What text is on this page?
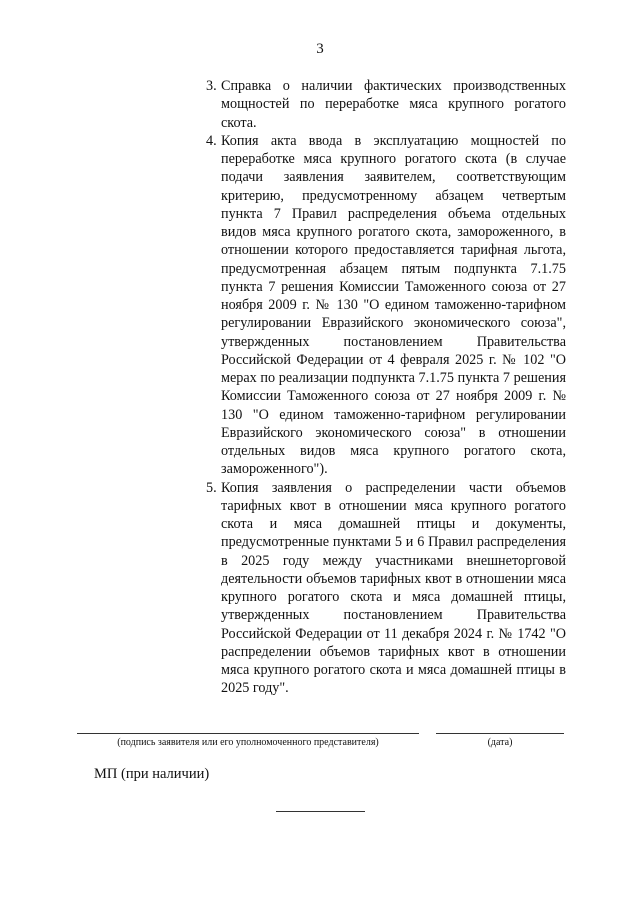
3
3. Справка о наличии фактических производственных мощностей по переработке мяса крупного рогатого скота.
4. Копия акта ввода в эксплуатацию мощностей по переработке мяса крупного рогатого скота (в случае подачи заявления заявителем, соответствующим критерию, предусмотренному абзацем четвертым пункта 7 Правил распределения объема отдельных видов мяса крупного рогатого скота, замороженного, в отношении которого предоставляется тарифная льгота, предусмотренная абзацем пятым подпункта 7.1.75 пункта 7 решения Комиссии Таможенного союза от 27 ноября 2009 г. № 130 "О едином таможенно-тарифном регулировании Евразийского экономического союза", утвержденных постановлением Правительства Российской Федерации от 4 февраля 2025 г. № 102 "О мерах по реализации подпункта 7.1.75 пункта 7 решения Комиссии Таможенного союза от 27 ноября 2009 г. № 130 "О едином таможенно-тарифном регулировании Евразийского экономического союза" в отношении отдельных видов мяса крупного рогатого скота, замороженного").
5. Копия заявления о распределении части объемов тарифных квот в отношении мяса крупного рогатого скота и мяса домашней птицы и документы, предусмотренные пунктами 5 и 6 Правил распределения в 2025 году между участниками внешнеторговой деятельности объемов тарифных квот в отношении мяса крупного рогатого скота и мяса домашней птицы, утвержденных постановлением Правительства Российской Федерации от 11 декабря 2024 г. № 1742 "О распределении объемов тарифных квот в отношении мяса крупного рогатого скота и мяса домашней птицы в 2025 году".
(подпись заявителя или его уполномоченного представителя)	(дата)
МП (при наличии)
